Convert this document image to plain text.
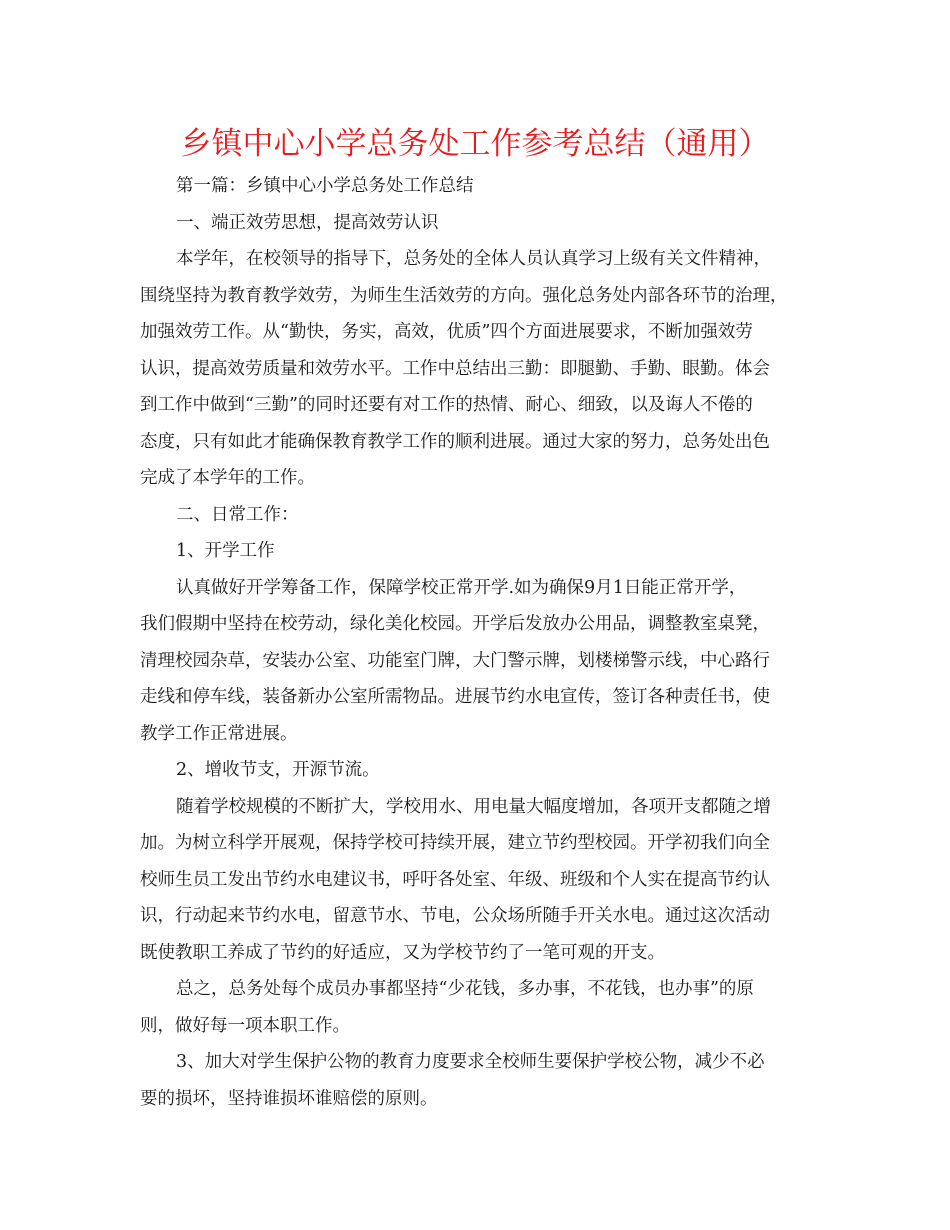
乡镇中心小学总务处工作参考总结（通用）
第一篇：乡镇中心小学总务处工作总结
一、端正效劳思想，提高效劳认识
本学年，在校领导的指导下，总务处的全体人员认真学习上级有关文件精神，
围绕坚持为教育教学效劳，为师生生活效劳的方向。强化总务处内部各环节的治理，
加强效劳工作。从“勤快，务实，高效，优质”四个方面进展要求，不断加强效劳
认识，提高效劳质量和效劳水平。工作中总结出三勤：即腿勤、手勤、眼勤。体会
到工作中做到“三勤”的同时还要有对工作的热情、耐心、细致，以及诲人不倦的
态度，只有如此才能确保教育教学工作的顺利进展。通过大家的努力，总务处出色
完成了本学年的工作。
二、日常工作：
1、开学工作
认真做好开学筹备工作，保障学校正常开学.如为确保9月1日能正常开学，
我们假期中坚持在校劳动，绿化美化校园。开学后发放办公用品，调整教室桌凳，
清理校园杂草，安装办公室、功能室门牌，大门警示牌，划楼梯警示线，中心路行
走线和停车线，装备新办公室所需物品。进展节约水电宣传，签订各种责任书，使
教学工作正常进展。
2、增收节支，开源节流。
随着学校规模的不断扩大，学校用水、用电量大幅度增加，各项开支都随之增
加。为树立科学开展观，保持学校可持续开展，建立节约型校园。开学初我们向全
校师生员工发出节约水电建议书，呼吁各处室、年级、班级和个人实在提高节约认
识，行动起来节约水电，留意节水、节电，公众场所随手开关水电。通过这次活动
既使教职工养成了节约的好适应，又为学校节约了一笔可观的开支。
总之，总务处每个成员办事都坚持“少花钱，多办事，不花钱，也办事”的原
则，做好每一项本职工作。
3、加大对学生保护公物的教育力度要求全校师生要保护学校公物，减少不必
要的损坏，坚持谁损坏谁赔偿的原则。
